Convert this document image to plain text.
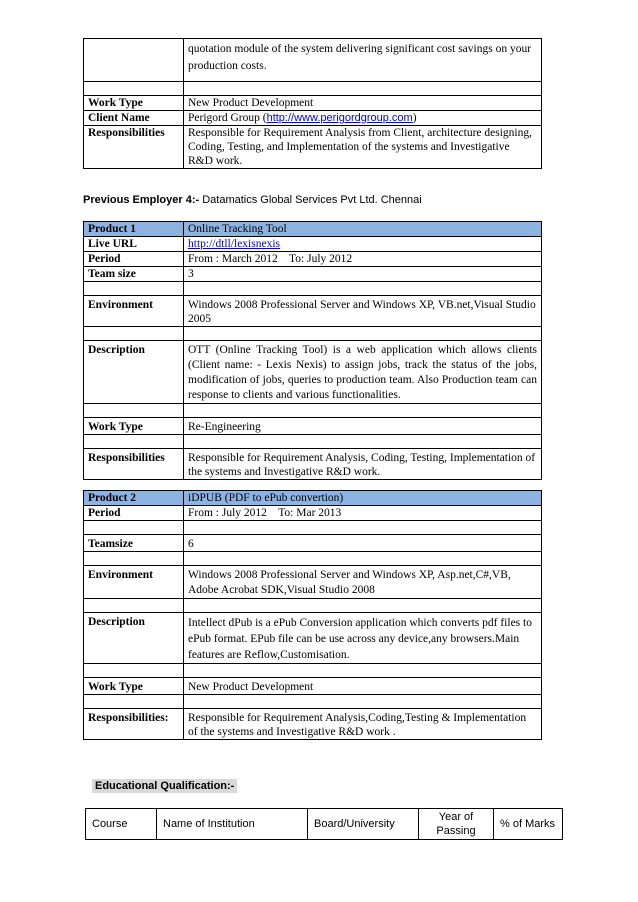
	quotation module of the system delivering significant cost savings on your production costs.

Work Type	New Product Development
Client Name	Perigord Group (http://www.perigordgroup.com)
Responsibilities	Responsible for Requirement Analysis from Client, architecture designing, Coding, Testing, and Implementation of the systems and Investigative R&D work.
Previous Employer 4:- Datamatics Global Services Pvt Ltd. Chennai
Product 1	Online Tracking Tool
Live URL	http://dtll/lexisnexis
Period	From : March 2012    To: July 2012
Team size	3

Environment	Windows 2008 Professional Server and Windows XP, VB.net,Visual Studio 2005

Description	OTT (Online Tracking Tool) is a web application which allows clients (Client name: - Lexis Nexis) to assign jobs, track the status of the jobs, modification of jobs, queries to production team. Also Production team can response to clients and various functionalities.

Work Type	Re-Engineering

Responsibilities	Responsible for Requirement Analysis, Coding, Testing, Implementation of the systems and Investigative R&D work.
Product 2	iDPUB (PDF to ePub convertion)
Period	From : July 2012    To: Mar 2013

Teamsize	6

Environment	Windows 2008 Professional Server and Windows XP, Asp.net,C#,VB, Adobe Acrobat SDK,Visual Studio 2008

Description	Intellect dPub is a ePub Conversion application which converts pdf files to ePub format. EPub file can be use across any device,any browsers.Main features are Reflow,Customisation.

Work Type	New Product Development

Responsibilities:	Responsible for Requirement Analysis,Coding,Testing & Implementation of the systems and Investigative R&D work .
Educational Qualification:-
Course	Name of Institution	Board/University	Year of Passing	% of Marks
